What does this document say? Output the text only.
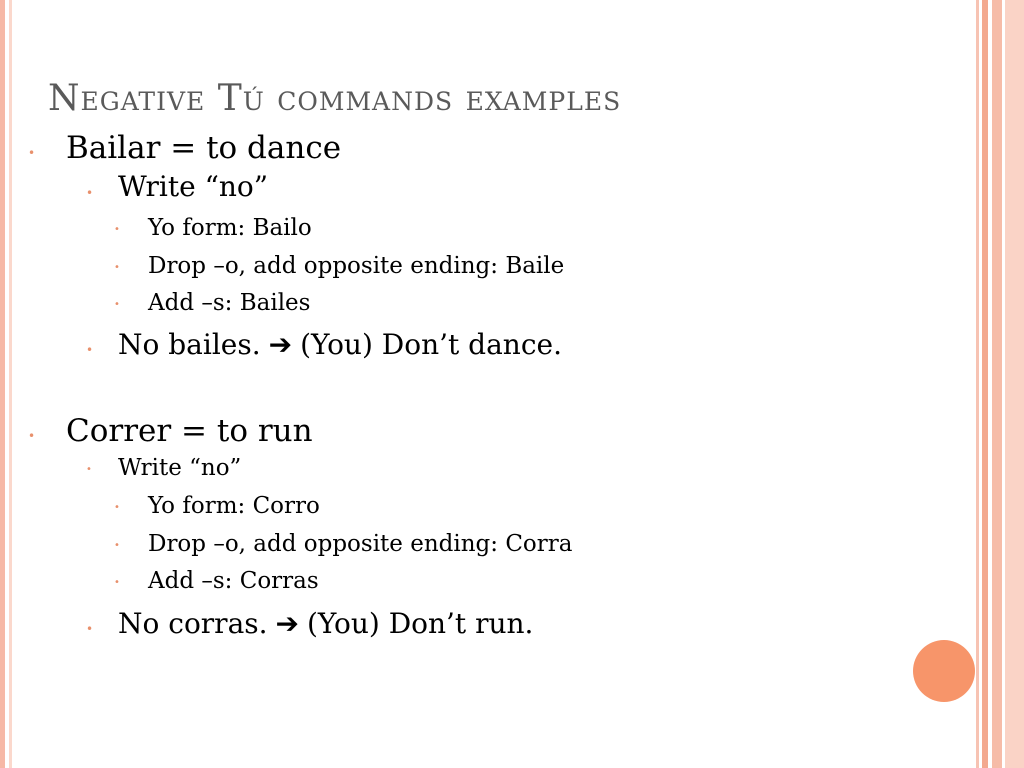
Negative Tú commands examples
• Bailar = to dance
• Write “no”
• Yo form: Bailo
• Drop –o, add opposite ending: Baile
• Add –s: Bailes
• No bailes. ➔ (You) Don’t dance.
• Correr = to run
• Write “no”
• Yo form: Corro
• Drop –o, add opposite ending: Corra
• Add –s: Corras
• No corras. ➔ (You) Don’t run.
